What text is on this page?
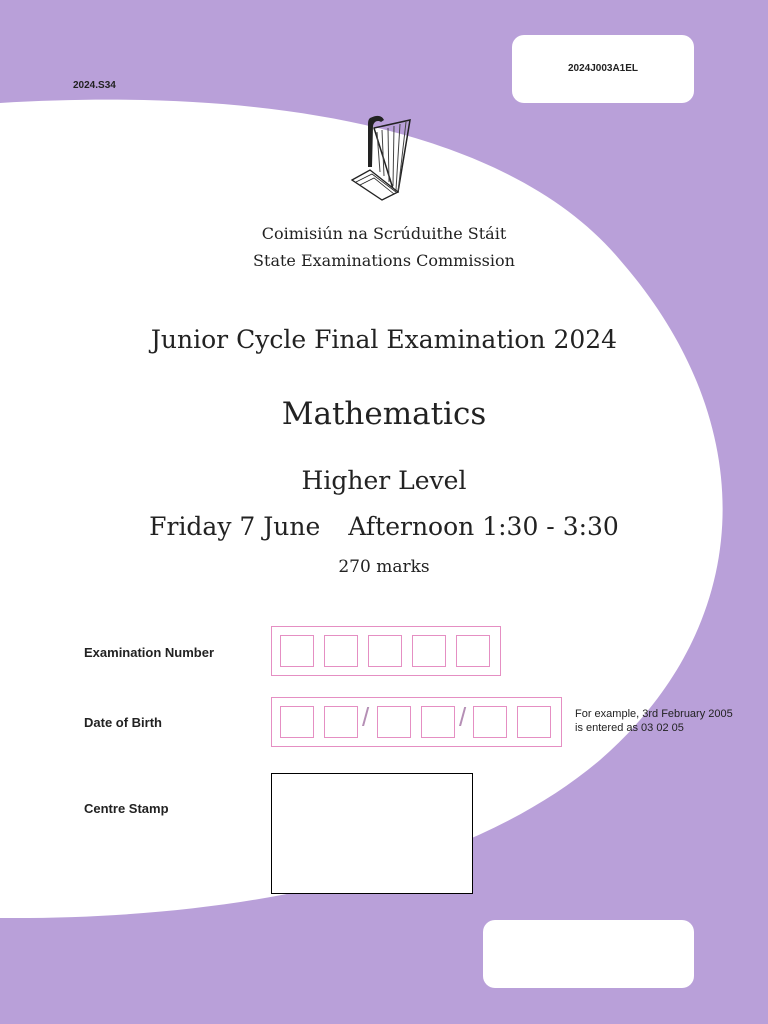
2024.S34
2024J003A1EL
Coimisiún na Scrúduithe Stáit
State Examinations Commission
Junior Cycle Final Examination 2024
Mathematics
Higher Level
Friday 7 June Afternoon 1:30 - 3:30
270 marks
Examination Number
Date of Birth	/	/	For example, 3rd February 2005 is entered as 03 02 05
Centre Stamp
